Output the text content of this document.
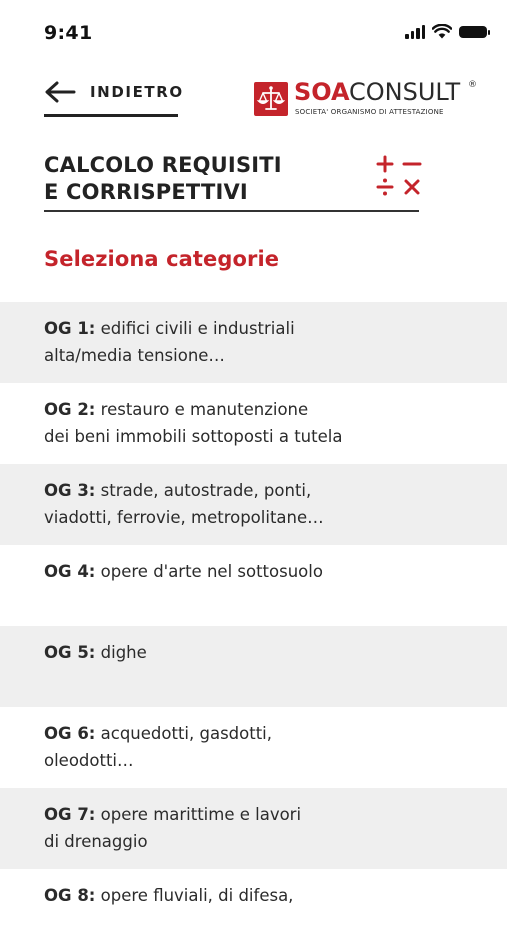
9:41
INDIETRO	SOA CONSULT ®
SOCIETA' ORGANISMO DI ATTESTAZIONE
CALCOLO REQUISITI
E CORRISPETTIVI
Seleziona categorie
OG 1: edifici civili e industriali
alta/media tensione…
OG 2: restauro e manutenzione
dei beni immobili sottoposti a tutela
OG 3: strade, autostrade, ponti,
viadotti, ferrovie, metropolitane…
OG 4: opere d'arte nel sottosuolo

OG 5: dighe

OG 6: acquedotti, gasdotti,
oleodotti…
OG 7: opere marittime e lavori
di drenaggio
OG 8: opere fluviali, di difesa,
